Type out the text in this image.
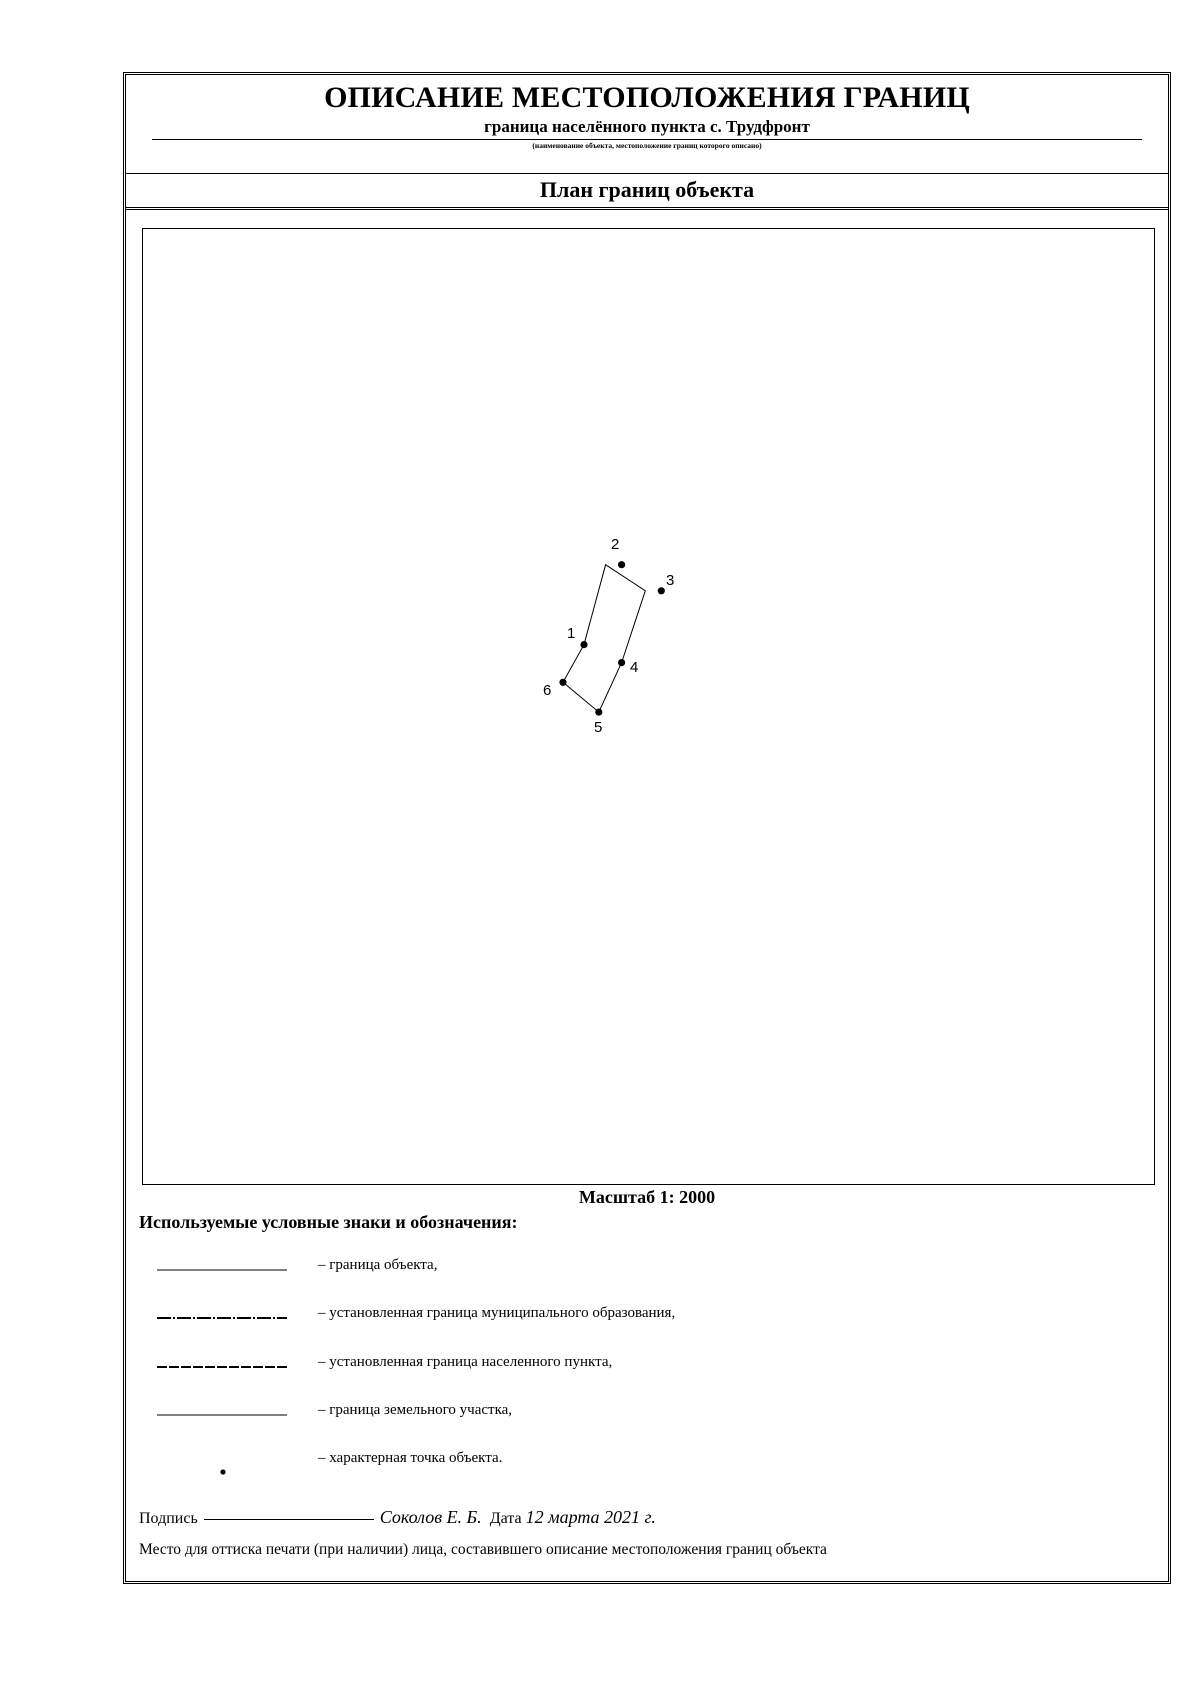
ОПИСАНИЕ МЕСТОПОЛОЖЕНИЯ ГРАНИЦ
граница населённого пункта с. Трудфронт
(наименование объекта, местоположение границ которого описано)
План границ объекта
1
2
3
4
5
6
Масштаб 1: 2000
Используемые условные знаки и обозначения:
– граница объекта,
– установленная граница муниципального образования,
– установленная граница населенного пункта,
– граница земельного участка,
– характерная точка объекта.
Подпись	Соколов Е. Б. Дата 12 марта 2021 г.
Место для оттиска печати (при наличии) лица, составившего описание местоположения границ объекта
